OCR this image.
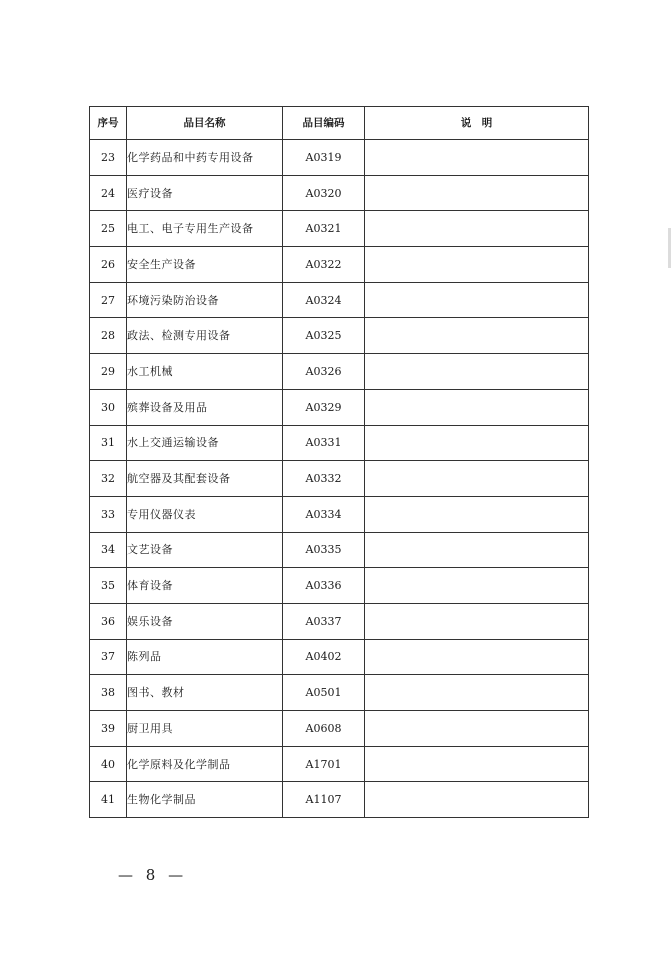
序号	品目名称	品目编码	说　明
23	化学药品和中药专用设备	A0319	
24	医疗设备	A0320	
25	电工、电子专用生产设备	A0321	
26	安全生产设备	A0322	
27	环境污染防治设备	A0324	
28	政法、检测专用设备	A0325	
29	水工机械	A0326	
30	殡葬设备及用品	A0329	
31	水上交通运输设备	A0331	
32	航空器及其配套设备	A0332	
33	专用仪器仪表	A0334	
34	文艺设备	A0335	
35	体育设备	A0336	
36	娱乐设备	A0337	
37	陈列品	A0402	
38	图书、教材	A0501	
39	厨卫用具	A0608	
40	化学原料及化学制品	A1701	
41	生物化学制品	A1107	
— 8 —
